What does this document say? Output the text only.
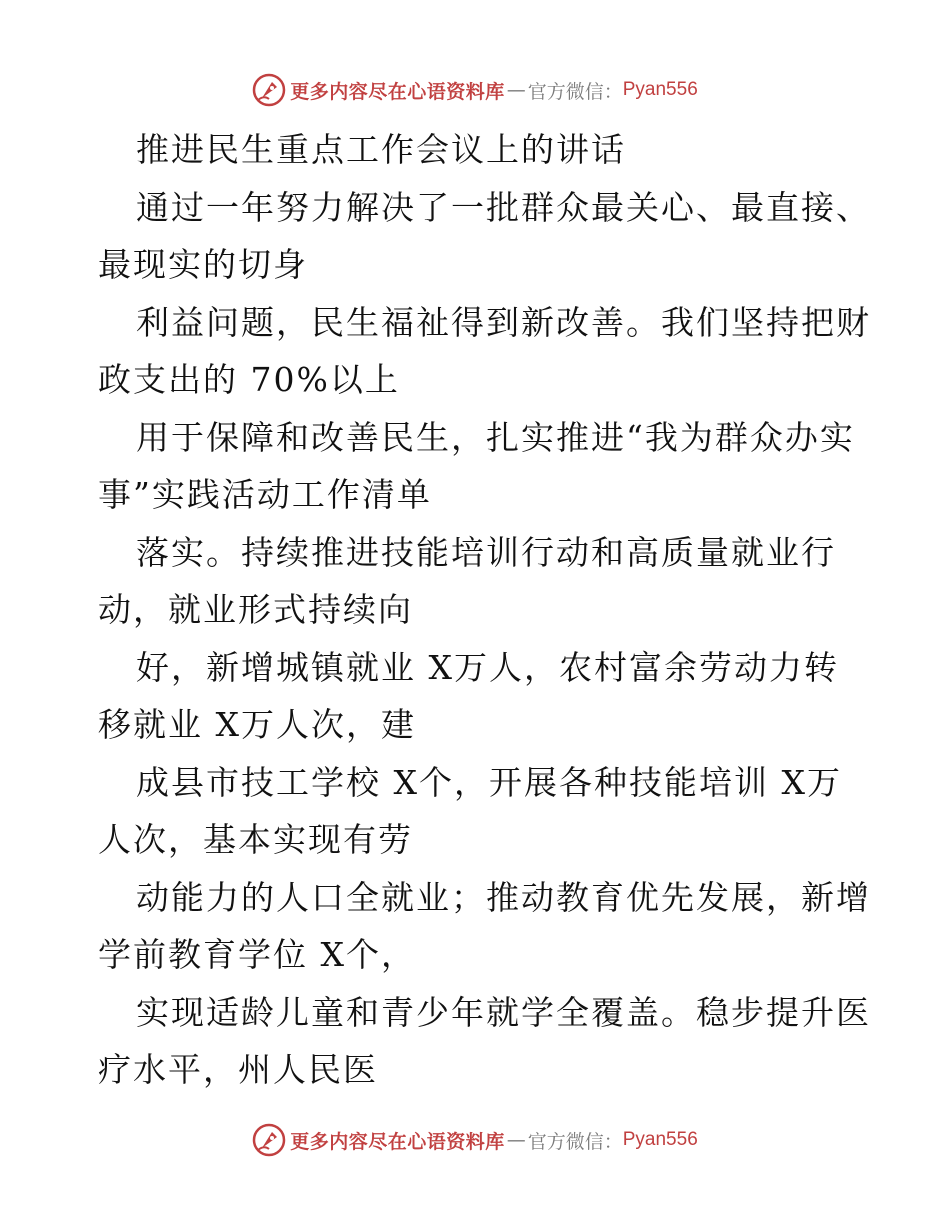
更多内容尽在心语资料库 — 官方微信： Pyan556
推进民生重点工作会议上的讲话
通过一年努力解决了一批群众最关心、最直接、
最现实的切身
利益问题，民生福祉得到新改善。我们坚持把财
政支出的 70%以上
用于保障和改善民生，扎实推进“我为群众办实
事”实践活动工作清单
落实。持续推进技能培训行动和高质量就业行
动，就业形式持续向
好，新增城镇就业 X万人，农村富余劳动力转
移就业 X万人次，建
成县市技工学校 X个，开展各种技能培训 X万
人次，基本实现有劳
动能力的人口全就业；推动教育优先发展，新增
学前教育学位 X个，
实现适龄儿童和青少年就学全覆盖。稳步提升医
疗水平，州人民医
更多内容尽在心语资料库 — 官方微信： Pyan556
